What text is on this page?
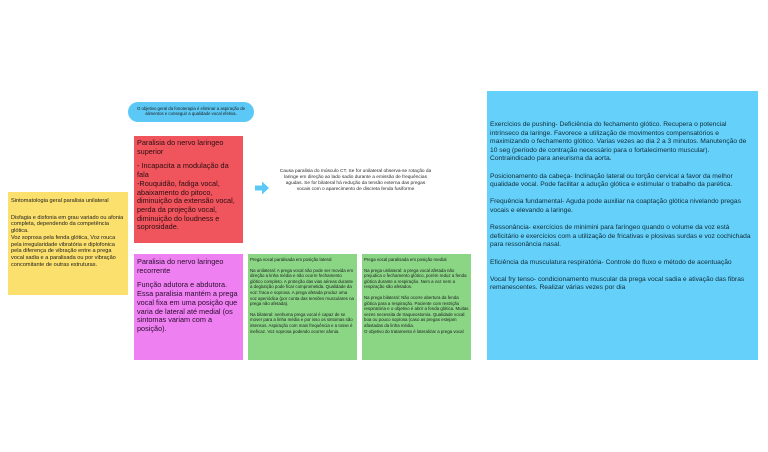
O objetivo geral da fonoterapia é eliminar a aspiração de alimentos e conseguir a qualidade vocal efetiva.
Sintomatologia geral paralisia unilateral
Disfagia e disfonia em grau variado ou afonia completa, dependendo da competência glótica.
Voz soprosa pela fenda glótica, Voz rouca pela irregularidade vibratória e diplofonica pela diferença de vibração entre a prega vocal sadia e a paralisada ou por vibração concomitante de outras estruturas.
Paralisia do nervo laringeo superior
- Incapacita a modulação da fala
-Rouquidão, fadiga vocal, abaixamento do pitoco, diminuição da extensão vocal, perda da projeção vocal, diminuição do loudness e soprosidade.
Paralisia do nervo laringeo recorrente
Função adutora e abdutora.
Essa paralisia mantém a prega vocal fixa em uma posição que varia de lateral até medial (os sintomas variam com a posição).
Causa paralisia do músculo CT. Se for unilateral observa-se rotação da laringe em direção ao lado sadio durante a emissão de frequências agudas. Se for bilateral há redução da tensão externa das pregas vocais com o aparecimento de discreta fenda fusiforme
Prega vocal paralisada em posição lateral
Na unilateral: A prega vocal não pode ser movida em direção a linha média e não ocorre fechamento glótico completo. A proteção das vias aéreas durante a deglutição pode ficar comprometida. Qualidade da voz: fraca e soprosa. A prega afetada produz uma voz aperiódica (por conta das tensões musculares na prega não afetada).
Na bilateral: nenhuma prega vocal é capaz de se mover para a linha média e por isso os sintomas são intensos. Aspiração com mais frequência e a tosse é ineficaz. Voz soprosa podendo ocorrer afonia.
Prega vocal paralisada em posição medial
Na prega unilateral: a prega vocal afetada não prejudica o fechamento glótico, porém reduz a fenda glótica durante a respiração. Nem a voz nem a respiração são afetados.
Na prega bilateral: Não ocorre abertura da fenda glótica para a respiração. Paciente com restrição respiratória e o objetivo é abrir a fenda glótica. Muitas vezes necessita de traqueostomia. Qualidade vocal: boa ou pouco soprosa (caso as pregas estejam afastadas da linha média.
O objetivo do tratamento é lateralizar a prega vocal
Exercícios de pushing- Deficiência do fechamento glótico. Recupera o potencial intrínseco da laringe. Favorece a utilização de movimentos compensatórios e maximizando o fechamento glótico. Varias vezes ao dia 2 a 3 minutos. Manutenção de 10 seg (período de contração necessário para o fortalecimento muscular). Contraindicado para aneurisma da aorta.
Posicionamento da cabeça- Inclinação lateral ou torção cervical a favor da melhor qualidade vocal. Pode facilitar a adução glótica e estimular o trabalho da parética.
Frequência fundamental- Aguda pode auxiliar na coaptação glótica nivelando pregas vocais e elevando a laringe.
Ressonância- exercícios de minimini para faríngeo quando o volume da voz está deficitário e exercícios com a utilização de fricativas e plosivas surdas e voz cochichada para ressonância nasal.
Eficiência da musculatura respiratória- Controle do fluxo e método de acentuação
Vocal fry tenso- condicionamento muscular da prega vocal sadia e ativação das fibras remanescentes. Realizar várias vezes por dia
